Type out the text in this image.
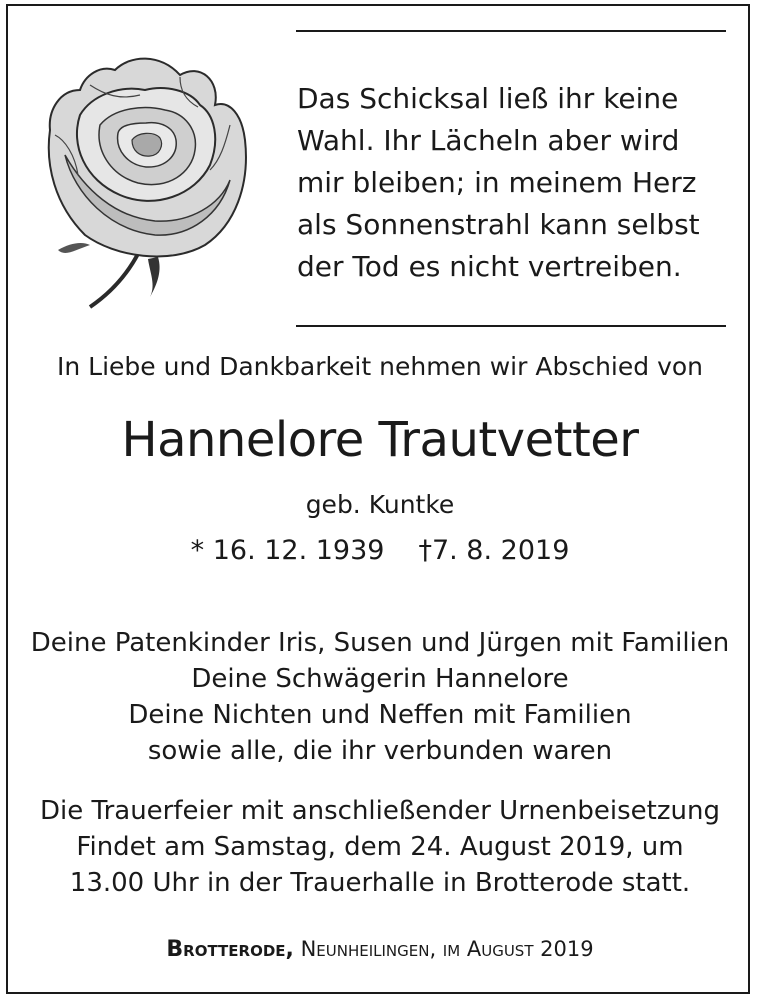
Das Schicksal ließ ihr keine
Wahl. Ihr Lächeln aber wird
mir bleiben; in meinem Herz
als Sonnenstrahl kann selbst
der Tod es nicht vertreiben.
In Liebe und Dankbarkeit nehmen wir Abschied von
Hannelore Trautvetter
geb. Kuntke
* 16. 12. 1939 †7. 8. 2019
Deine Patenkinder Iris, Susen und Jürgen mit Familien
Deine Schwägerin Hannelore
Deine Nichten und Neffen mit Familien
sowie alle, die ihr verbunden waren
Die Trauerfeier mit anschließender Urnenbeisetzung
Findet am Samstag, dem 24. August 2019, um
13.00 Uhr in der Trauerhalle in Brotterode statt.
Brotterode, Neunheilingen, im August 2019
